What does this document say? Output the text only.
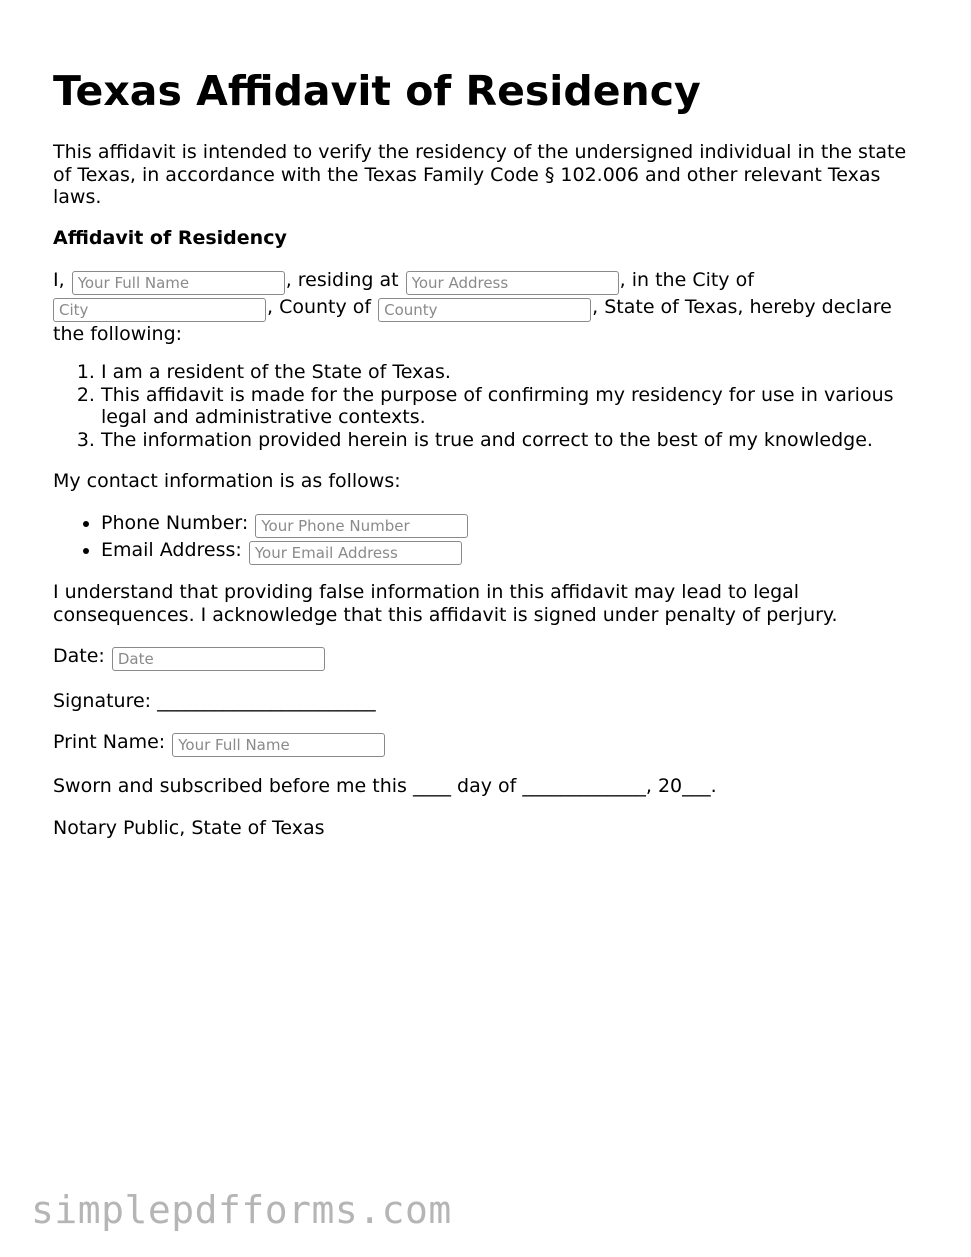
Texas Affidavit of Residency

This affidavit is intended to verify the residency of the undersigned individual in the state of Texas, in accordance with the Texas Family Code § 102.006 and other relevant Texas laws.

Affidavit of Residency
I, Your Full Name	, residing at Your Address	, in the City of
City, County of County	, State of Texas, hereby declare the following:
1. I am a resident of the State of Texas.
2. This affidavit is made for the purpose of confirming my residency for use in various legal and administrative contexts.
3. The information provided herein is true and correct to the best of my knowledge.
My contact information is as follows:
• Phone Number: Your Phone Number
• Email Address: Your Email Address

I understand that providing false information in this affidavit may lead to legal consequences. I acknowledge that this affidavit is signed under penalty of perjury.

Date: Date
Signature: _______________________
Print Name: Your Full Name
Sworn and subscribed before me this ____ day of _____________, 20___.
Notary Public, State of Texas
simplepdfforms.com
